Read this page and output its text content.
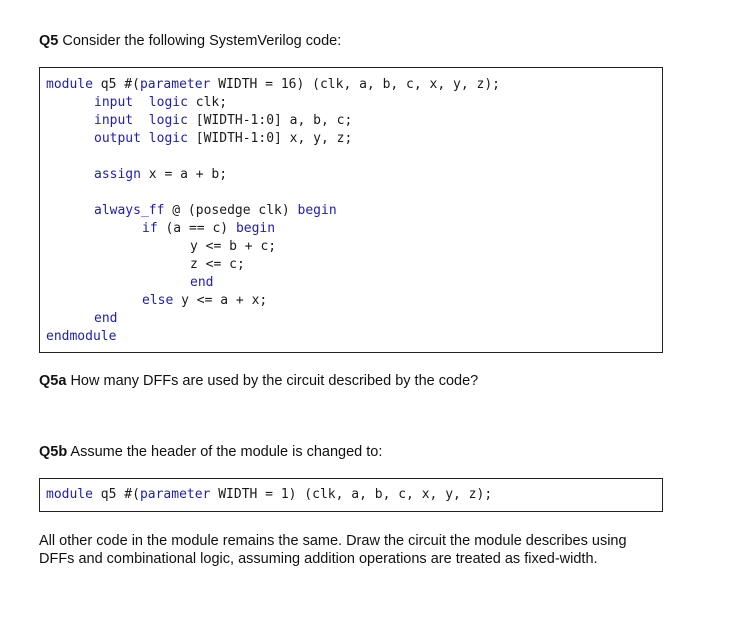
Q5 Consider the following SystemVerilog code:

module q5 #(parameter WIDTH = 16) (clk, a, b, c, x, y, z);
input logic clk;
input logic [WIDTH-1:0] a, b, c;
output logic [WIDTH-1:0] x, y, z;
assign x = a + b;
always_ff @ (posedge clk) begin
if (a == c) begin
y <= b + c;
z <= c;
end
else y <= a + x;
end
endmodule

Q5a How many DFFs are used by the circuit described by the code?

Q5b Assume the header of the module is changed to:

module q5 #(parameter WIDTH = 1) (clk, a, b, c, x, y, z);

All other code in the module remains the same. Draw the circuit the module describes using DFFs and combinational logic, assuming addition operations are treated as fixed-width.
